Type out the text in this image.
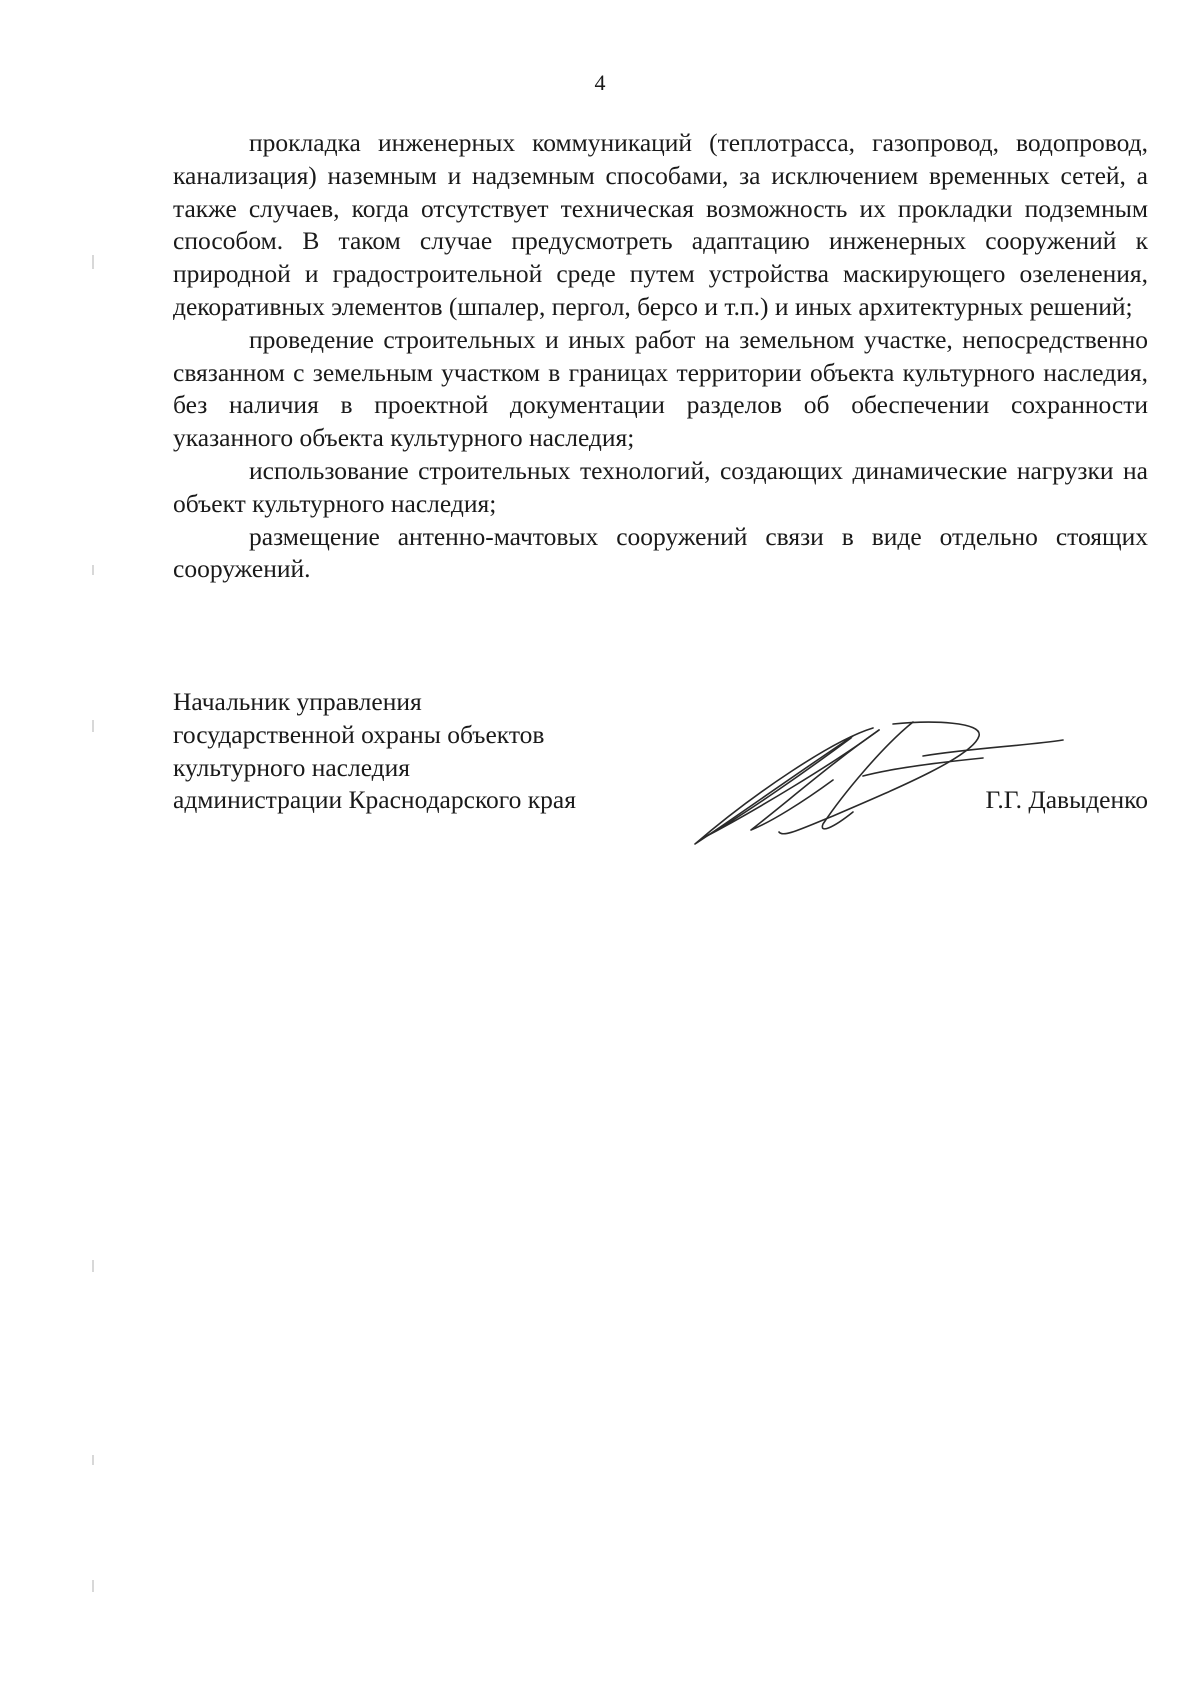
4

прокладка инженерных коммуникаций (теплотрасса, газопровод, водопровод, канализация) наземным и надземным способами, за исключением временных сетей, а также случаев, когда отсутствует техническая возможность их прокладки подземным способом. В таком случае предусмотреть адаптацию инженерных сооружений к природной и градостроительной среде путем устройства маскирующего озеленения, декоративных элементов (шпалер, пергол, берсо и т.п.) и иных архитектурных решений;

проведение строительных и иных работ на земельном участке, непосредственно связанном с земельным участком в границах территории объекта культурного наследия, без наличия в проектной документации разделов об обеспечении сохранности указанного объекта культурного наследия;

использование строительных технологий, создающих динамические нагрузки на объект культурного наследия;

размещение антенно-мачтовых сооружений связи в виде отдельно стоящих сооружений.

Начальник управления
государственной охраны объектов
культурного наследия
администрации Краснодарского края	Г.Г. Давыденко
